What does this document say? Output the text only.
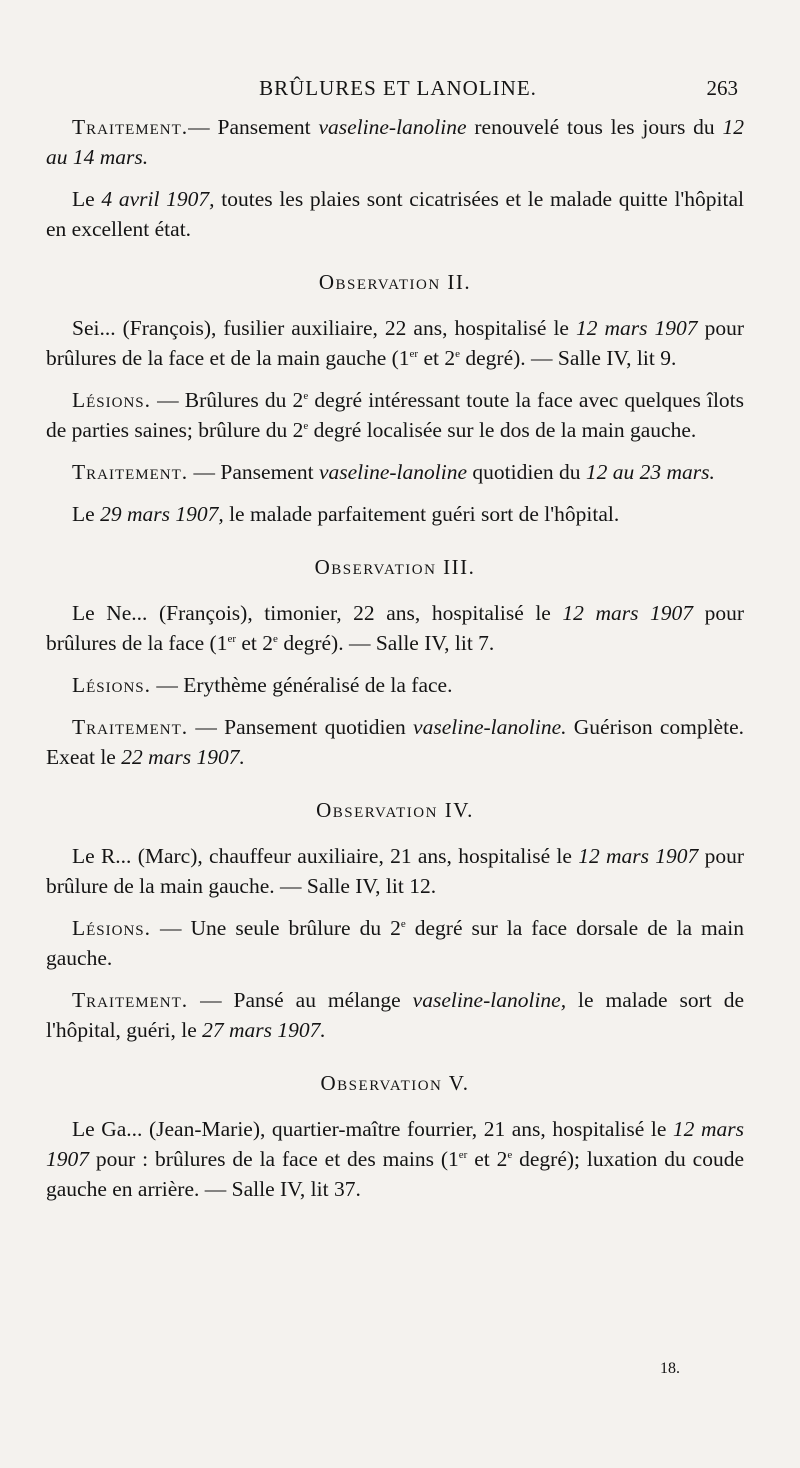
BRÛLURES ET LANOLINE.	263

Traitement.— Pansement vaseline-lanoline renouvelé tous les jours du 12 au 14 mars.

Le 4 avril 1907, toutes les plaies sont cicatrisées et le malade quitte l'hôpital en excellent état.

Observation II.

Sei... (François), fusilier auxiliaire, 22 ans, hospitalisé le 12 mars 1907 pour brûlures de la face et de la main gauche (1er et 2e degré). — Salle IV, lit 9.

Lésions. — Brûlures du 2e degré intéressant toute la face avec quelques îlots de parties saines; brûlure du 2e degré localisée sur le dos de la main gauche.

Traitement. — Pansement vaseline-lanoline quotidien du 12 au 23 mars.

Le 29 mars 1907, le malade parfaitement guéri sort de l'hôpital.

Observation III.

Le Ne... (François), timonier, 22 ans, hospitalisé le 12 mars 1907 pour brûlures de la face (1er et 2e degré). — Salle IV, lit 7.

Lésions. — Erythème généralisé de la face.

Traitement. — Pansement quotidien vaseline-lanoline. Guérison complète. Exeat le 22 mars 1907.

Observation IV.

Le R... (Marc), chauffeur auxiliaire, 21 ans, hospitalisé le 12 mars 1907 pour brûlure de la main gauche. — Salle IV, lit 12.

Lésions. — Une seule brûlure du 2e degré sur la face dorsale de la main gauche.

Traitement. — Pansé au mélange vaseline-lanoline, le malade sort de l'hôpital, guéri, le 27 mars 1907.

Observation V.

Le Ga... (Jean-Marie), quartier-maître fourrier, 21 ans, hospitalisé le 12 mars 1907 pour : brûlures de la face et des mains (1er et 2e degré); luxation du coude gauche en arrière. — Salle IV, lit 37.

18.
